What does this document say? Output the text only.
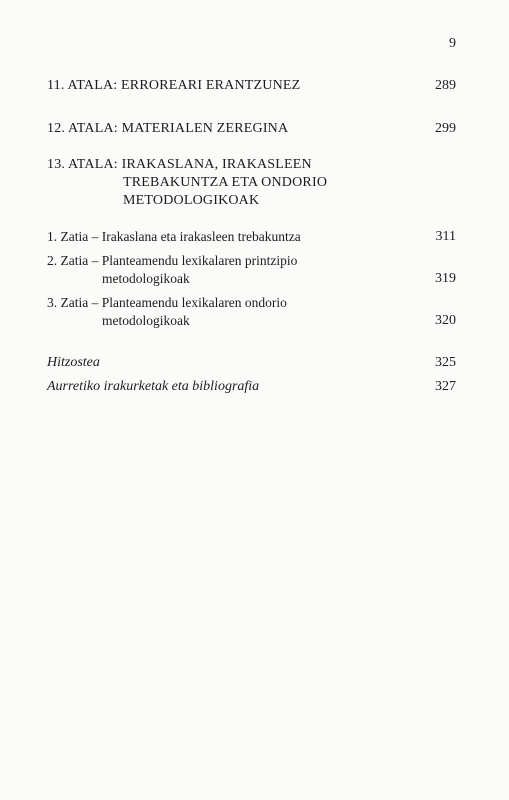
9
11. ATALA: ERROREARI ERANTZUNEZ	289
12. ATALA: MATERIALEN ZEREGINA	299
13. ATALA: IRAKASLANA, IRAKASLEEN
TREBAKUNTZA ETA ONDORIO
METODOLOGIKOAK
1. Zatia – Irakaslana eta irakasleen trebakuntza	311
2. Zatia – Planteamendu lexikalaren printzipio
metodologikoak	319
3. Zatia – Planteamendu lexikalaren ondorio
metodologikoak	320
Hitzostea	325
Aurretiko irakurketak eta bibliografia	327
